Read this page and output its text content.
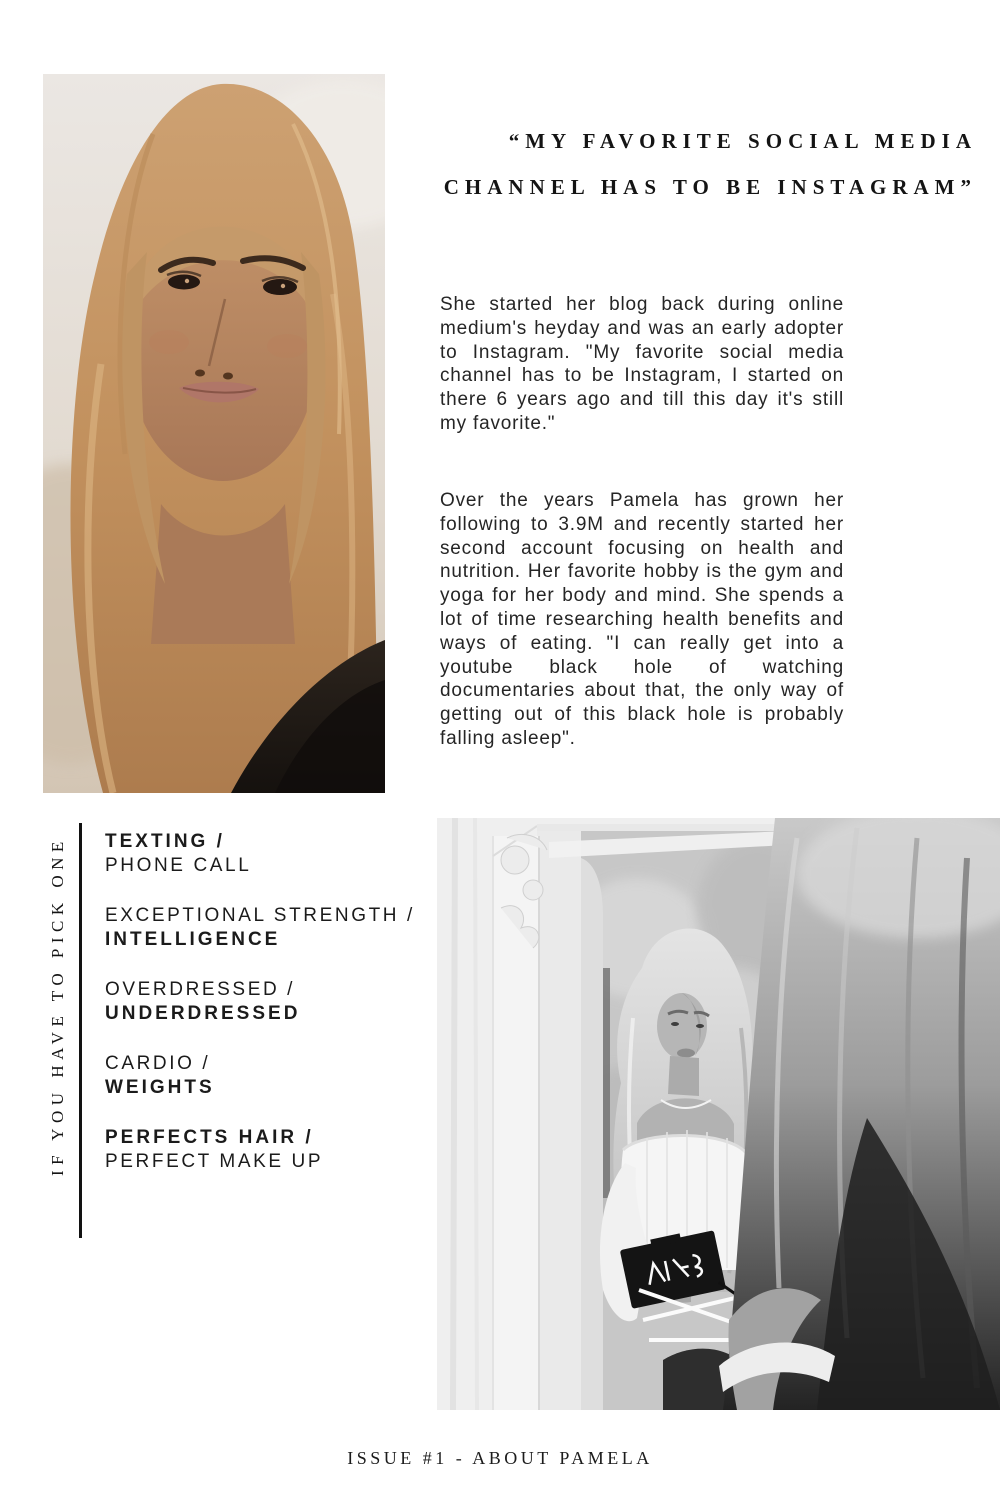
“MY FAVORITE SOCIAL MEDIA
CHANNEL HAS TO BE INSTAGRAM”

She started her blog back during online medium's heyday and was an early adopter to Instagram. "My favorite social media channel has to be Instagram, I started on there 6 years ago and till this day it's still my favorite."

Over the years Pamela has grown her following to 3.9M and recently started her second account focusing on health and nutrition. Her favorite hobby is the gym and yoga for her body and mind. She spends a lot of time researching health benefits and ways of eating. "I can really get into a youtube black hole of watching documentaries about that, the only way of getting out of this black hole is probably falling asleep".

IF YOU HAVE TO PICK ONE TEXTING /
PHONE CALL
EXCEPTIONAL STRENGTH /
INTELLIGENCE
OVERDRESSED /
UNDERDRESSED
CARDIO /
WEIGHTS
PERFECTS HAIR /
PERFECT MAKE UP
ISSUE #1 - ABOUT PAMELA
